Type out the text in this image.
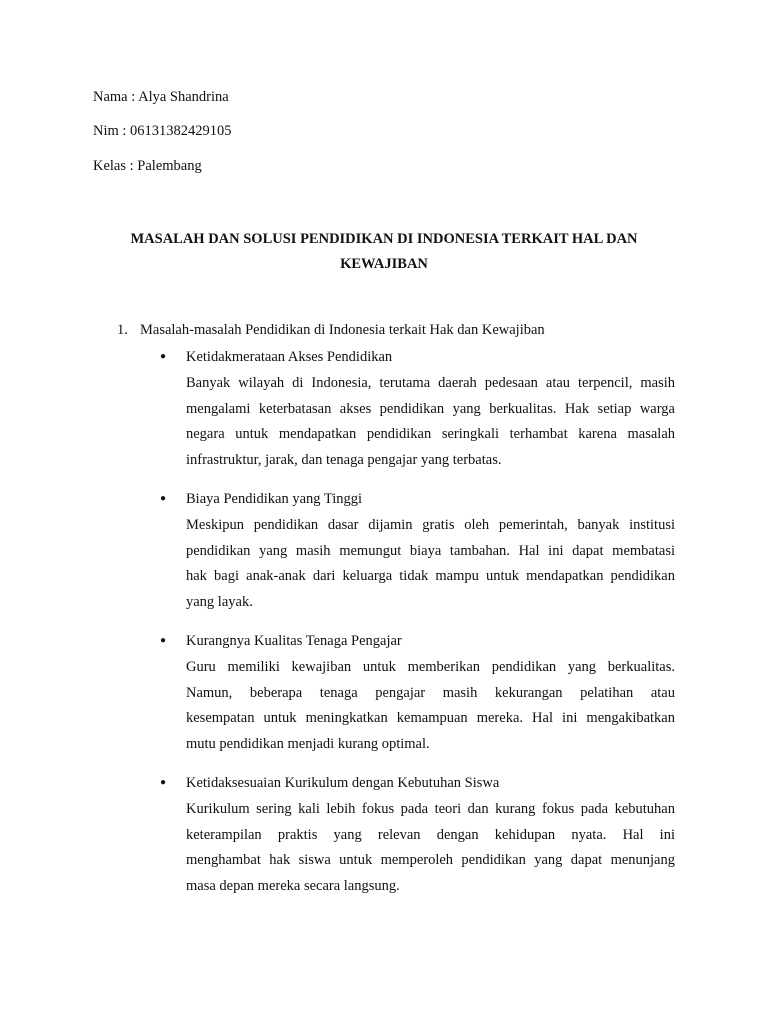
Nama : Alya Shandrina
Nim : 06131382429105
Kelas : Palembang
MASALAH DAN SOLUSI PENDIDIKAN DI INDONESIA TERKAIT HAL DAN
KEWAJIBAN
1. Masalah-masalah Pendidikan di Indonesia terkait Hak dan Kewajiban
● Ketidakmerataan Akses Pendidikan
Banyak wilayah di Indonesia, terutama daerah pedesaan atau terpencil, masih
mengalami keterbatasan akses pendidikan yang berkualitas. Hak setiap warga
negara untuk mendapatkan pendidikan seringkali terhambat karena masalah
infrastruktur, jarak, dan tenaga pengajar yang terbatas.
● Biaya Pendidikan yang Tinggi
Meskipun pendidikan dasar dijamin gratis oleh pemerintah, banyak institusi
pendidikan yang masih memungut biaya tambahan. Hal ini dapat membatasi
hak bagi anak-anak dari keluarga tidak mampu untuk mendapatkan pendidikan
yang layak.
● Kurangnya Kualitas Tenaga Pengajar
Guru memiliki kewajiban untuk memberikan pendidikan yang berkualitas.
Namun, beberapa tenaga pengajar masih kekurangan pelatihan atau
kesempatan untuk meningkatkan kemampuan mereka. Hal ini mengakibatkan
mutu pendidikan menjadi kurang optimal.
● Ketidaksesuaian Kurikulum dengan Kebutuhan Siswa
Kurikulum sering kali lebih fokus pada teori dan kurang fokus pada kebutuhan
keterampilan praktis yang relevan dengan kehidupan nyata. Hal ini
menghambat hak siswa untuk memperoleh pendidikan yang dapat menunjang
masa depan mereka secara langsung.
